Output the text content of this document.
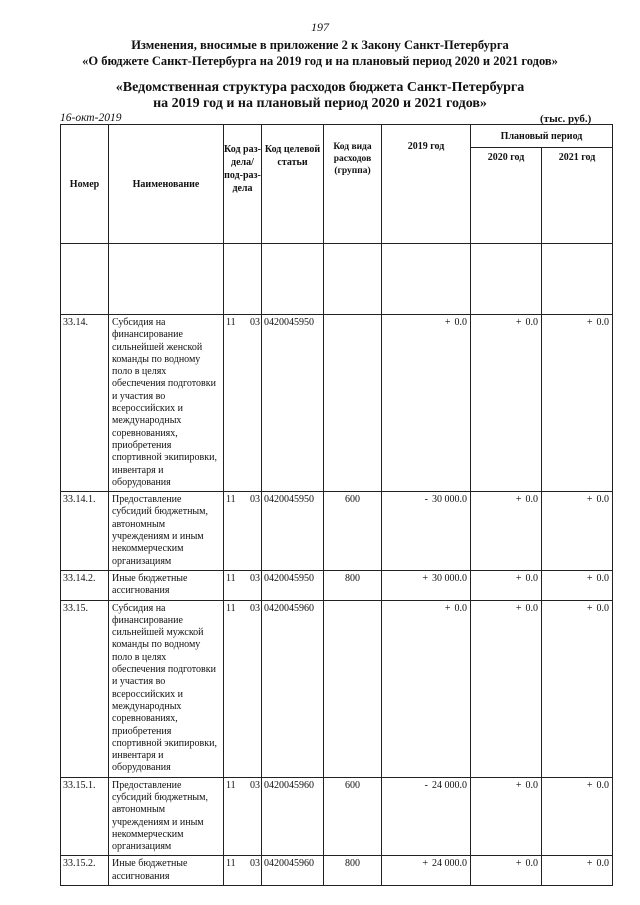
197
Изменения, вносимые в приложение 2 к Закону Санкт-Петербурга
«О бюджете Санкт-Петербурга на 2019 год и на плановый период 2020 и 2021 годов»
«Ведомственная структура расходов бюджета Санкт-Петербурга
на 2019 год и на плановый период 2020 и 2021 годов»
16-окт-2019	(тыс. руб.)
Номер	Наименование	Код раз-дела/ под-раз-дела	Код целевой статьи	Код вида расходов (группа)	2019 год	Плановый период	
						2020 год	2021 год

33.14.	Субсидия на финансирование сильнейшей женской команды по водному поло в целях обеспечения подготовки и участия во всероссийских и международных соревнованиях, приобретения спортивной экипировки, инвентаря и оборудования	11 03	0420045950		+ 0.0	+ 0.0	+ 0.0
33.14.1.	Предоставление субсидий бюджетным, автономным учреждениям и иным некоммерческим организациям	11 03	0420045950	600	- 30 000.0	+ 0.0	+ 0.0
33.14.2.	Иные бюджетные ассигнования	11 03	0420045950	800	+ 30 000.0	+ 0.0	+ 0.0
33.15.	Субсидия на финансирование сильнейшей мужской команды по водному поло в целях обеспечения подготовки и участия во всероссийских и международных соревнованиях, приобретения спортивной экипировки, инвентаря и оборудования	11 03	0420045960		+ 0.0	+ 0.0	+ 0.0
33.15.1.	Предоставление субсидий бюджетным, автономным учреждениям и иным некоммерческим организациям	11 03	0420045960	600	- 24 000.0	+ 0.0	+ 0.0
33.15.2.	Иные бюджетные ассигнования	11 03	0420045960	800	+ 24 000.0	+ 0.0	+ 0.0
